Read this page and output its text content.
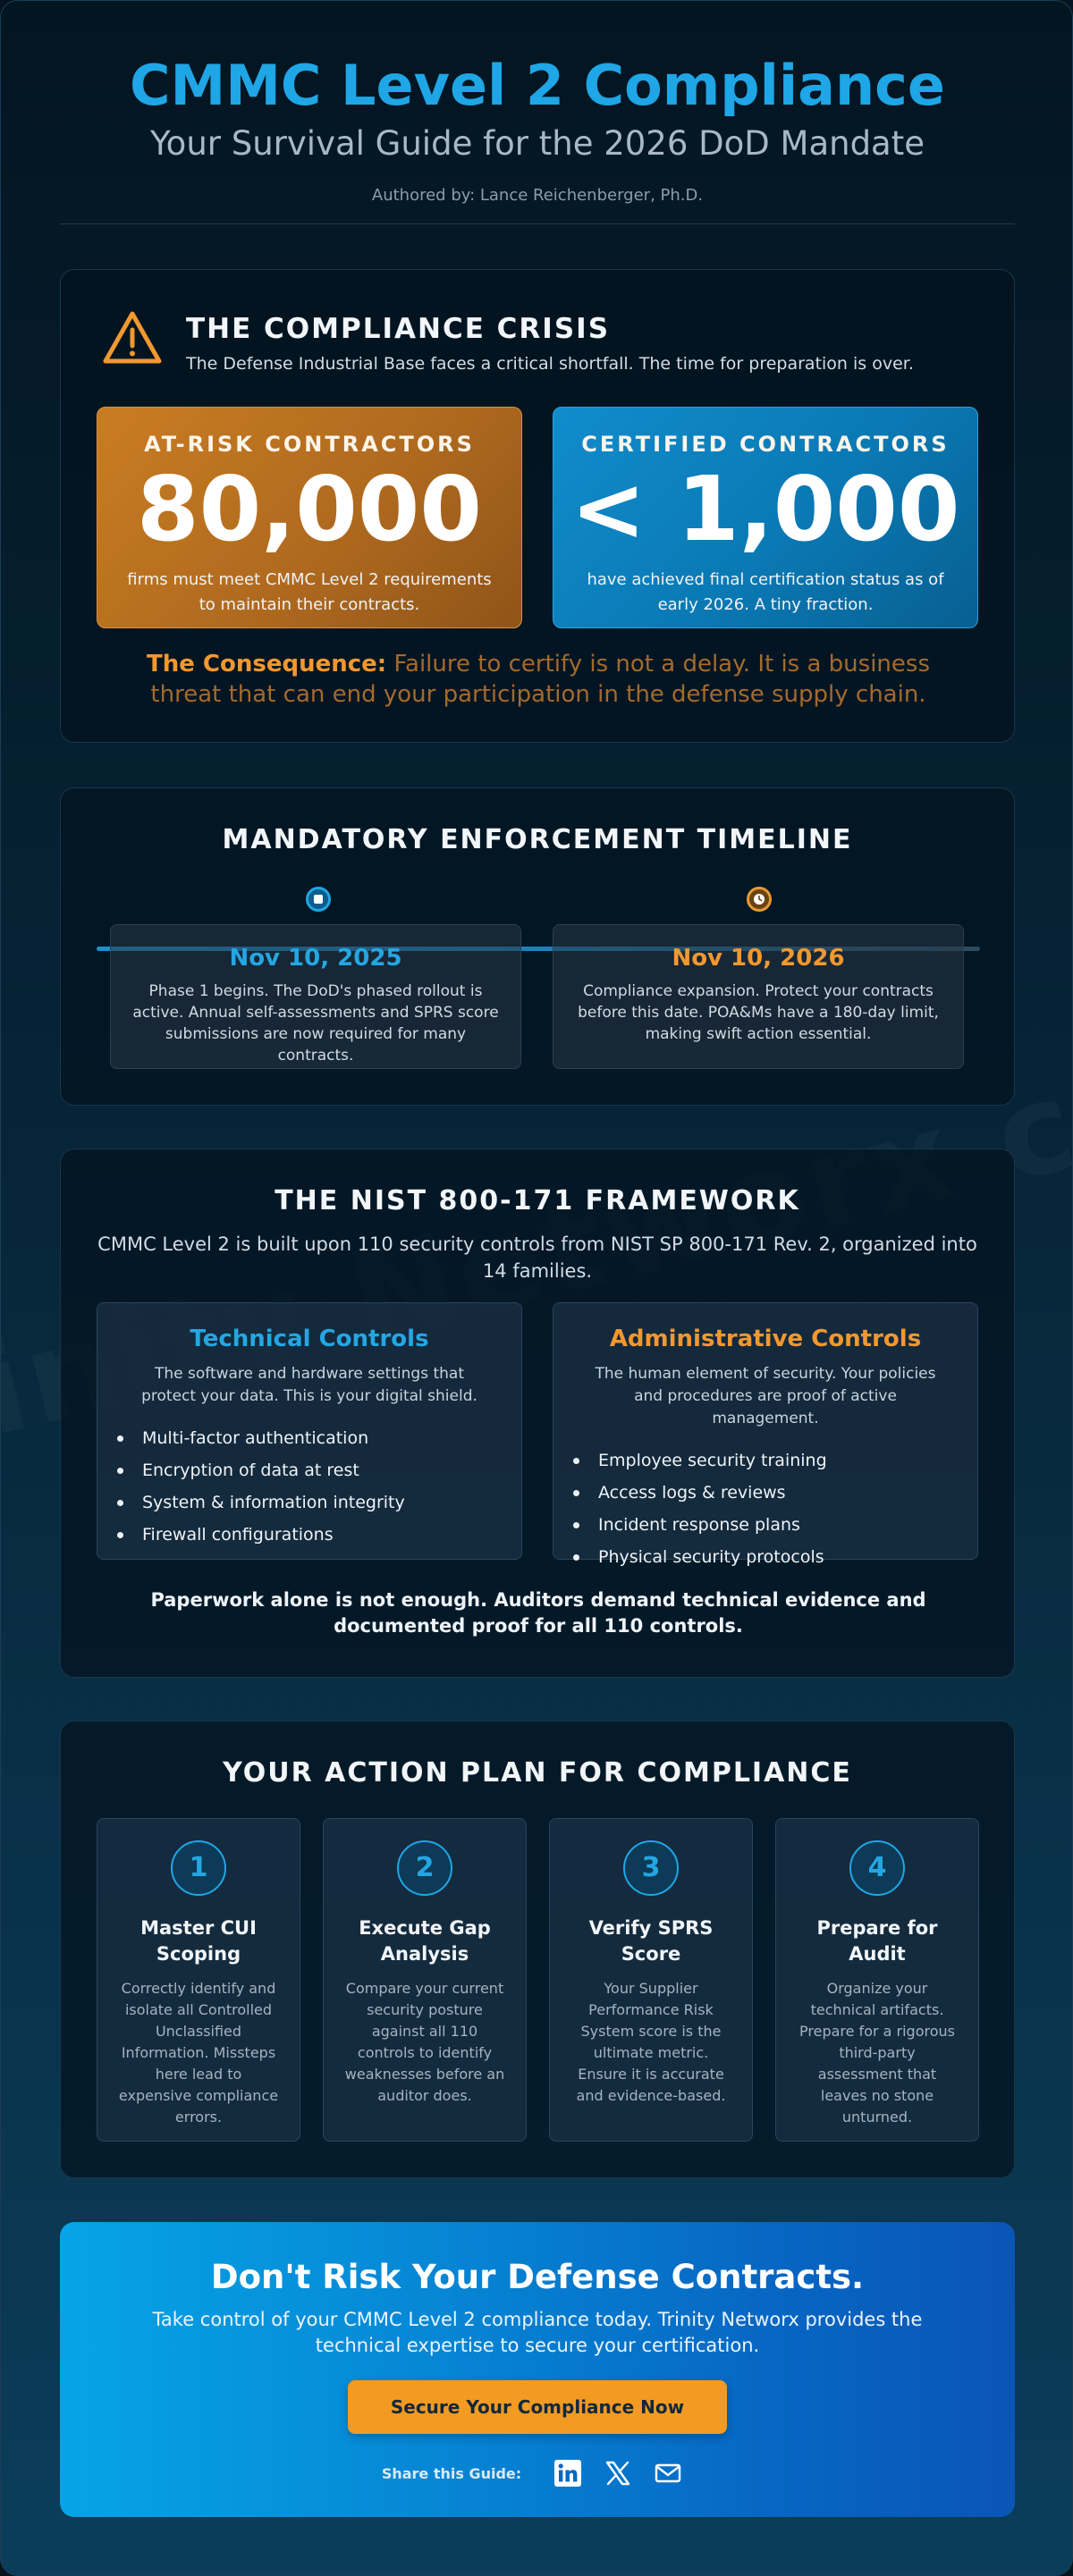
CMMC Level 2 Compliance
Your Survival Guide for the 2026 DoD Mandate
Authored by: Lance Reichenberger, Ph.D.
THE COMPLIANCE CRISIS
The Defense Industrial Base faces a critical shortfall. The time for preparation is over.
AT-RISK CONTRACTORS
80,000
firms must meet CMMC Level 2 requirements to maintain their contracts.
CERTIFIED CONTRACTORS
< 1,000
have achieved final certification status as of early 2026. A tiny fraction.
The Consequence: Failure to certify is not a delay. It is a business threat that can end your participation in the defense supply chain.
MANDATORY ENFORCEMENT TIMELINE
Nov 10, 2025
Phase 1 begins. The DoD's phased rollout is active. Annual self-assessments and SPRS score submissions are now required for many contracts.
Nov 10, 2026
Compliance expansion. Protect your contracts before this date. POA&Ms have a 180-day limit, making swift action essential.
THE NIST 800-171 FRAMEWORK
CMMC Level 2 is built upon 110 security controls from NIST SP 800-171 Rev. 2, organized into 14 families.
Technical Controls
The software and hardware settings that protect your data. This is your digital shield.
Multi-factor authentication
Encryption of data at rest
System & information integrity
Firewall configurations
Administrative Controls
The human element of security. Your policies and procedures are proof of active management.
Employee security training
Access logs & reviews
Incident response plans
Physical security protocols
Paperwork alone is not enough. Auditors demand technical evidence and documented proof for all 110 controls.
YOUR ACTION PLAN FOR COMPLIANCE
1
Master CUI Scoping
Correctly identify and isolate all Controlled Unclassified Information. Missteps here lead to expensive compliance errors.
2
Execute Gap Analysis
Compare your current security posture against all 110 controls to identify weaknesses before an auditor does.
3
Verify SPRS Score
Your Supplier Performance Risk System score is the ultimate metric. Ensure it is accurate and evidence-based.
4
Prepare for Audit
Organize your technical artifacts. Prepare for a rigorous third-party assessment that leaves no stone unturned.
Don't Risk Your Defense Contracts.
Take control of your CMMC Level 2 compliance today. Trinity Networx provides the technical expertise to secure your certification.
Secure Your Compliance Now
Share this Guide:
